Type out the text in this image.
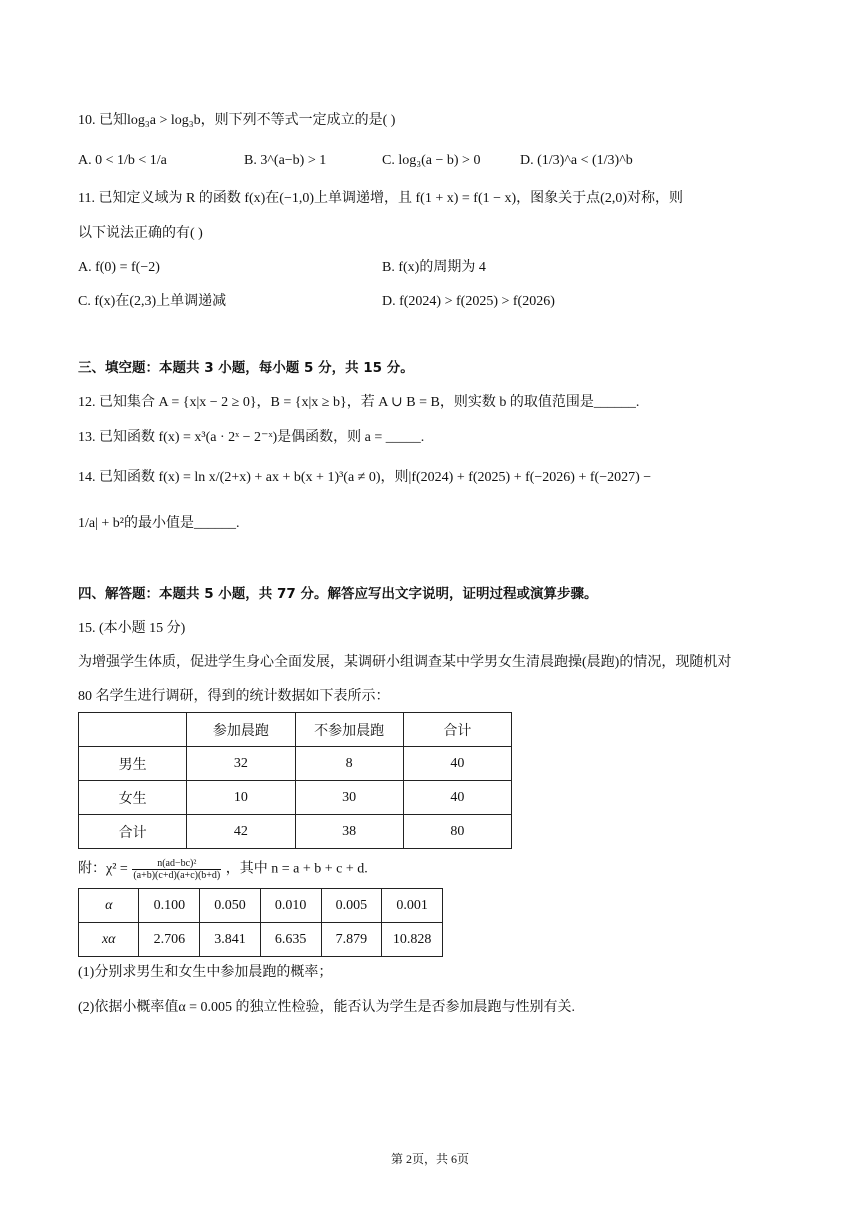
10. 已知log₃a > log₃b，则下列不等式一定成立的是( )
A. 0 < 1/b < 1/a	B. 3^(a−b) > 1	C. log₃(a − b) > 0	D. (1/3)^a < (1/3)^b
11. 已知定义域为 R 的函数 f(x)在(−1,0)上单调递增，且 f(1 + x) = f(1 − x)，图象关于点(2,0)对称，则
以下说法正确的有( )
A. f(0) = f(−2)	B. f(x)的周期为 4
C. f(x)在(2,3)上单调递减	D. f(2024) > f(2025) > f(2026)
三、填空题：本题共 3 小题，每小题 5 分，共 15 分。
12. 已知集合 A = {x|x − 2 ≥ 0}，B = {x|x ≥ b}，若 A ∪ B = B，则实数 b 的取值范围是______.
13. 已知函数 f(x) = x³(a · 2ˣ − 2⁻ˣ)是偶函数，则 a = _____.
14. 已知函数 f(x) = ln x/(2+x) + ax + b(x + 1)³(a ≠ 0)，则|f(2024) + f(2025) + f(−2026) + f(−2027) −
1/a| + b²的最小值是______.
四、解答题：本题共 5 小题，共 77 分。解答应写出文字说明，证明过程或演算步骤。
15. (本小题 15 分)
为增强学生体质，促进学生身心全面发展，某调研小组调查某中学男女生清晨跑操(晨跑)的情况，现随机对
80 名学生进行调研，得到的统计数据如下表所示：
	参加晨跑	不参加晨跑	合计
男生	32	8	40
女生	10	30	40
合计	42	38	80
附：$\chi^2 = \frac{\text{n(ad−bc)²}}{(a+b)(c+d)(a+c)(b+d)}$ ，其中 n = a + b + c + d.
α	0.100	0.050	0.010	0.005	0.001
xα	2.706	3.841	6.635	7.879	10.828
(1)分别求男生和女生中参加晨跑的概率；
(2)依据小概率值α = 0.005 的独立性检验，能否认为学生是否参加晨跑与性别有关.
第 2页，共 6页
